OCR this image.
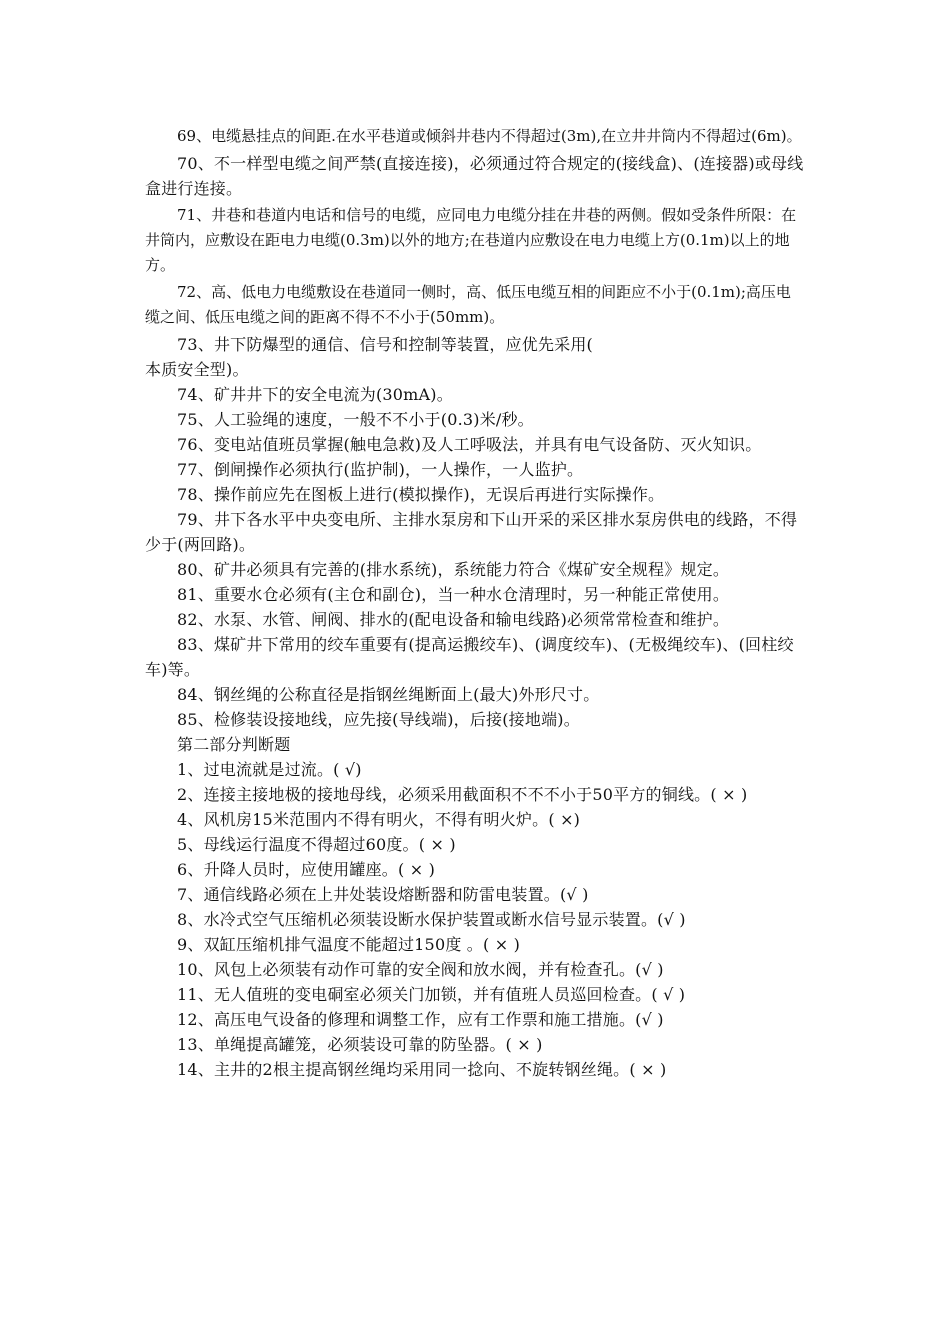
69、电缆悬挂点的间距.在水平巷道或倾斜井巷内不得超过(3m),在立井井筒内不得超过(6m)。

70、不一样型电缆之间严禁(直接连接)，必须通过符合规定的(接线盒)、(连接器)或母线盒进行连接。

71、井巷和巷道内电话和信号的电缆，应同电力电缆分挂在井巷的两侧。假如受条件所限：在井筒内，应敷设在距电力电缆(0.3m)以外的地方;在巷道内应敷设在电力电缆上方(0.1m)以上的地方。

72、高、低电力电缆敷设在巷道同一侧时，高、低压电缆互相的间距应不小于(0.1m);高压电缆之间、低压电缆之间的距离不得不不小于(50mm)。

73、井下防爆型的通信、信号和控制等装置，应优先采用(

本质安全型)。

74、矿井井下的安全电流为(30mA)。

75、人工验绳的速度，一般不不小于(0.3)米/秒。

76、变电站值班员掌握(触电急救)及人工呼吸法，并具有电气设备防、灭火知识。

77、倒闸操作必须执行(监护制)，一人操作，一人监护。

78、操作前应先在图板上进行(模拟操作)，无误后再进行实际操作。

79、井下各水平中央变电所、主排水泵房和下山开采的采区排水泵房供电的线路，不得少于(两回路)。

80、矿井必须具有完善的(排水系统)，系统能力符合《煤矿安全规程》规定。

81、重要水仓必须有(主仓和副仓)，当一种水仓清理时，另一种能正常使用。

82、水泵、水管、闸阀、排水的(配电设备和输电线路)必须常常检查和维护。

83、煤矿井下常用的绞车重要有(提高运搬绞车)、(调度绞车)、(无极绳绞车)、(回柱绞车)等。

84、钢丝绳的公称直径是指钢丝绳断面上(最大)外形尺寸。

85、检修装设接地线，应先接(导线端)，后接(接地端)。

第二部分判断题

1、过电流就是过流。( √)

2、连接主接地极的接地母线，必须采用截面积不不不小于50平方的铜线。( × )

4、风机房15米范围内不得有明火，不得有明火炉。( ×)

5、母线运行温度不得超过60度。( × )

6、升降人员时，应使用罐座。( × )

7、通信线路必须在上井处装设熔断器和防雷电装置。(√ )

8、水冷式空气压缩机必须装设断水保护装置或断水信号显示装置。(√ )

9、双缸压缩机排气温度不能超过150度 。( × )

10、风包上必须装有动作可靠的安全阀和放水阀，并有检查孔。(√ )

11、无人值班的变电硐室必须关门加锁，并有值班人员巡回检查。( √ )

12、高压电气设备的修理和调整工作，应有工作票和施工措施。(√ )

13、单绳提高罐笼，必须装设可靠的防坠器。( × )

14、主井的2根主提高钢丝绳均采用同一捻向、不旋转钢丝绳。( × )
